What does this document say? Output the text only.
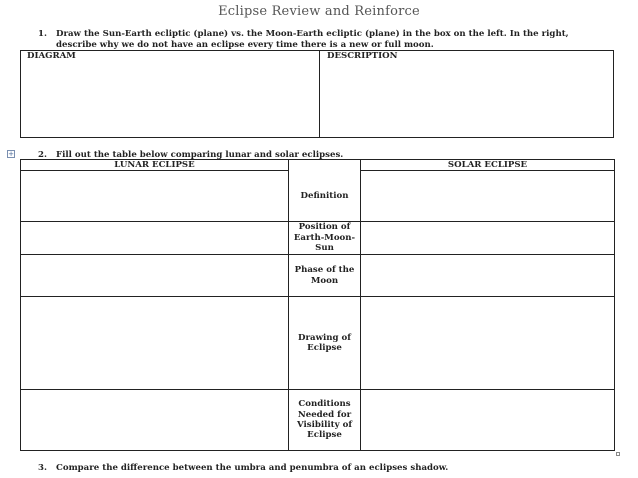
Eclipse Review and Reinforce
1. Draw the Sun-Earth ecliptic (plane) vs. the Moon-Earth ecliptic (plane) in the box on the left. In the right, describe why we do not have an eclipse every time there is a new or full moon.
DIAGRAM	DESCRIPTION
+	2. Fill out the table below comparing lunar and solar eclipses.
LUNAR ECLIPSE		SOLAR ECLIPSE
	Definition	
	Position of Earth-Moon-Sun	
	Phase of the Moon	
	Drawing of Eclipse	
	Conditions Needed for Visibility of Eclipse	
3. Compare the difference between the umbra and penumbra of an eclipses shadow.
